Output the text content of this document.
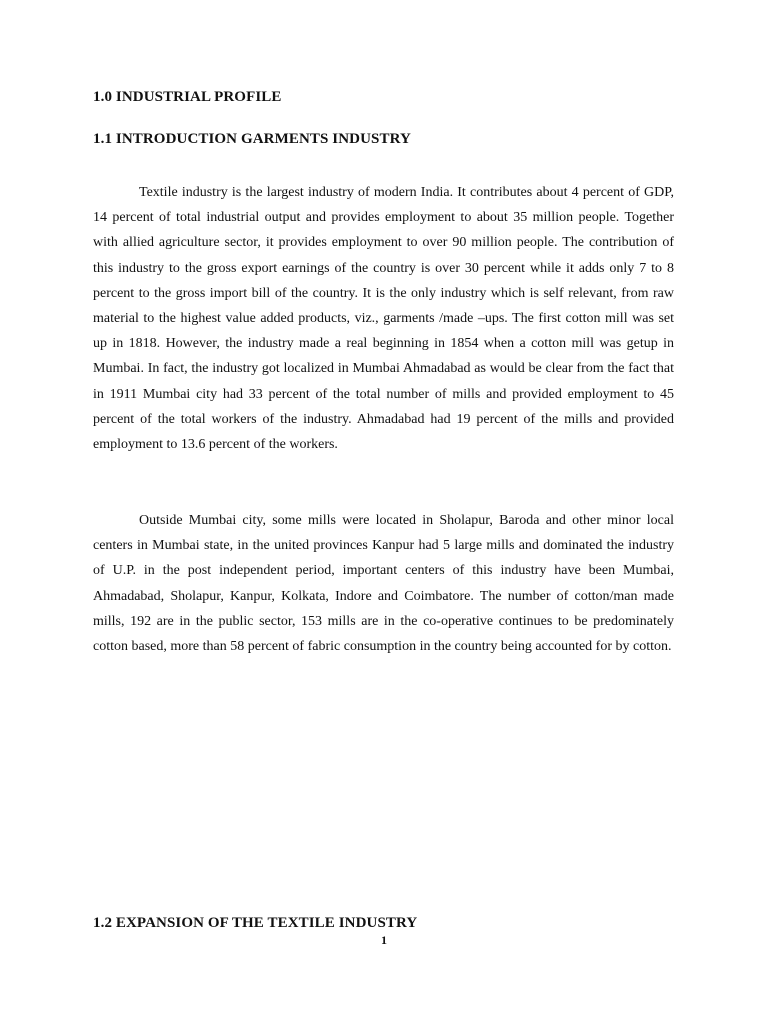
1.0 INDUSTRIAL PROFILE
1.1 INTRODUCTION GARMENTS INDUSTRY

Textile industry is the largest industry of modern India. It contributes about 4 percent of GDP, 14 percent of total industrial output and provides employment to about 35 million people. Together with allied agriculture sector, it provides employment to over 90 million people. The contribution of this industry to the gross export earnings of the country is over 30 percent while it adds only 7 to 8 percent to the gross import bill of the country. It is the only industry which is self relevant, from raw material to the highest value added products, viz., garments /made –ups. The first cotton mill was set up in 1818. However, the industry made a real beginning in 1854 when a cotton mill was getup in Mumbai. In fact, the industry got localized in Mumbai Ahmadabad as would be clear from the fact that in 1911 Mumbai city had 33 percent of the total number of mills and provided employment to 45 percent of the total workers of the industry. Ahmadabad had 19 percent of the mills and provided employment to 13.6 percent of the workers.

Outside Mumbai city, some mills were located in Sholapur, Baroda and other minor local centers in Mumbai state, in the united provinces Kanpur had 5 large mills and dominated the industry of U.P. in the post independent period, important centers of this industry have been Mumbai, Ahmadabad, Sholapur, Kanpur, Kolkata, Indore and Coimbatore. The number of cotton/man made mills, 192 are in the public sector, 153 mills are in the co-operative continues to be predominately cotton based, more than 58 percent of fabric consumption in the country being accounted for by cotton.

1.2 EXPANSION OF THE TEXTILE INDUSTRY
1
